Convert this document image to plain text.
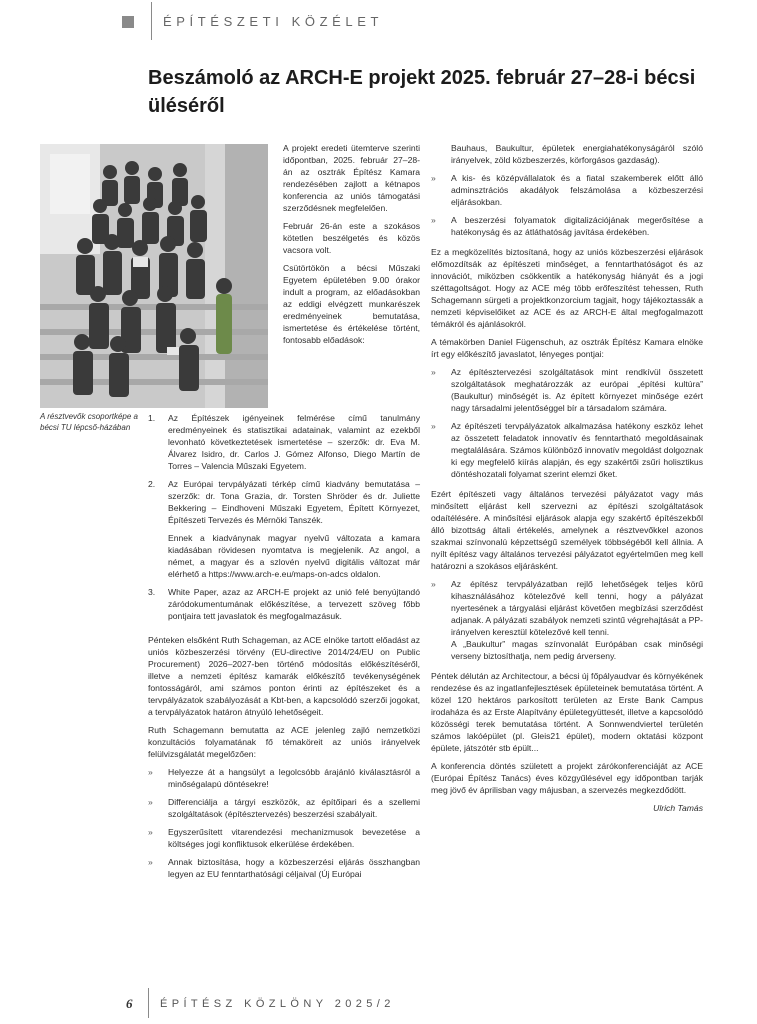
ÉPÍTÉSZETI KÖZÉLET
Beszámoló az ARCH-E projekt 2025. február 27–28-i bécsi üléséről
A résztvevők csoportképe a bécsi TU lépcső-házában

A projekt eredeti ütemterve szerinti időpontban, 2025. február 27–28-án az osztrák Építész Kamara rendezésében zajlott a kétnapos konferencia az uniós támogatási szerződésnek megfelelően.

Február 26-án este a szokásos kötetlen beszélgetés és közös vacsora volt.

Csütörtökön a bécsi Műszaki Egyetem épületében 9.00 órakor indult a program, az előadásokban az eddigi elvégzett munkarészek eredményeinek bemutatása, ismertetése és értékelése történt, fontosabb előadások:

1.	Az Építészek igényeinek felmérése című tanulmány eredményeinek és statisztikai adatainak, valamint az ezekből levonható következtetések ismertetése – szerzők: dr. Eva M. Álvarez Isidro, dr. Carlos J. Gómez Alfonso, Diego Martín de Torres – Valencia Műszaki Egyetem.
2.	Az Európai tervpályázati térkép című kiadvány bemutatása – szerzők: dr. Tona Grazia, dr. Torsten Shröder és dr. Juliette Bekkering – Eindhoveni Műszaki Egyetem, Épített Környezet, Építészeti Tervezés és Mérnöki Tanszék.

Ennek a kiadványnak magyar nyelvű változata a kamara kiadásában rövidesen nyomtatva is megjelenik. Az angol, a német, a magyar és a szlovén nyelvű digitális változat már elérhető a https://www.arch-e.eu/maps-on-adcs oldalon.

3.	White Paper, azaz az ARCH-E projekt az unió felé benyújtandó záródokumentumának előkészítése, a tervezett szöveg főbb pontjaira tett javaslatok és megfogalmazásuk.

Pénteken elsőként Ruth Schageman, az ACE elnöke tartott előadást az uniós közbeszerzési törvény (EU-directive 2014/24/EU on Public Procurement) 2026–2027-ben történő módosítás előkészítéséről, illetve a nemzeti építész kamarák előkészítő tevékenységének fontosságáról, ami számos ponton érinti az építészeket és a tervpályázatok szabályozását a Kbt-ben, a kapcsolódó szerzői jogokat, a tervpályázatok határon átnyúló lehetőségeit.

Ruth Schagemann bemutatta az ACE jelenleg zajló nemzetközi konzultációs folyamatának fő témaköreit az uniós irányelvek felülvizsgálatát megelőzően:

»	Helyezze át a hangsúlyt a legolcsóbb árajánló kiválasztásról a minőségalapú döntésekre!
»	Differenciálja a tárgyi eszközök, az építőipari és a szellemi szolgáltatások (építésztervezés) beszerzési szabályait.
»	Egyszerűsített vitarendezési mechanizmusok bevezetése a költséges jogi konfliktusok elkerülése érdekében.
»	Annak biztosítása, hogy a közbeszerzési eljárás összhangban legyen az EU fenntarthatósági céljaival (Új Európai

Bauhaus, Baukultur, épületek energiahatékonyságáról szóló irányelvek, zöld közbeszerzés, körforgásos gazdaság).

»	A kis- és középvállalatok és a fiatal szakemberek előtt álló adminsztrációs akadályok felszámolása a közbeszerzési eljárásokban.
»	A beszerzési folyamatok digitalizációjának megerősítése a hatékonyság és az átláthatóság javítása érdekében.

Ez a megközelítés biztosítaná, hogy az uniós közbeszerzési eljárások előmozdítsák az építészeti minőséget, a fenntarthatóságot és az innovációt, miközben csökkentik a hatékonyság hiányát és a jogi széttagoltságot. Hogy az ACE még több erőfeszítést tehessen, Ruth Schagemann sürgeti a projektkonzorcium tagjait, hogy tájékoztassák a nemzeti képviselőiket az ACE és az ARCH-E által megfogalmazott témákról és ajánlásokról.

A témakörben Daniel Fügenschuh, az osztrák Építész Kamara elnöke írt egy előkészítő javaslatot, lényeges pontjai:

»	Az építésztervezési szolgáltatások mint rendkívül összetett szolgáltatások meghatározzák az európai „építési kultúra” (Baukultur) minőségét is. Az épített környezet minősége ezért nagy társadalmi jelentőséggel bír a társadalom számára.
»	Az építészeti tervpályázatok alkalmazása hatékony eszköz lehet az összetett feladatok innovatív és fenntartható megoldásainak megtalálására. Számos különböző innovatív megoldást dolgoznak ki egy megfelelő kiírás alapján, és egy szakértői zsűri holisztikus döntéshozatali folyamat szerint elemzi őket.

Ezért építészeti vagy általános tervezési pályázatot vagy más minősített eljárást kell szervezni az építészi szolgáltatások odaítélésére. A minősítési eljárások alapja egy szakértő építészekből álló bizottság általi értékelés, amelynek a résztvevőkkel azonos szakmai színvonalú képzettségű személyek többségéből kell állnia. A nyílt építész vagy általános tervezési pályázatot egyértelműen meg kell határozni a szokásos eljárásként.

»	Az építész tervpályázatban rejlő lehetőségek teljes körű kihasználásához kötelezővé kell tenni, hogy a pályázat nyertesének a tárgyalási eljárást követően megbízási szerződést adjanak. A pályázati szabályok nemzeti szintű végrehajtását a PP-irányelven keresztül kötelezővé kell tenni.

A „Baukultur” magas színvonalát Európában csak minőségi verseny biztosíthatja, nem pedig árverseny.

Péntek délután az Architectour, a bécsi új főpályaudvar és környékének rendezése és az ingatlanfejlesztések épületeinek bemutatása történt. A közel 120 hektáros parkosított területen az Erste Bank Campus irodaháza és az Erste Alapítvány épületegyüttesét, illetve a kapcsolódó közösségi terek bemutatása történt. A Sonnwendviertel területén számos lakóépület (pl. Gleis21 épület), modern oktatási központ épülete, játszótér stb épült...

A konferencia döntés született a projekt zárókonferenciáját az ACE (Európai Építész Tanács) éves közgyűlésével egy időpontban tarják meg jövő év áprilisban vagy májusban, a szervezés megkezdődött.

Ulrich Tamás

6	ÉPÍTÉSZ KÖZLÖNY 2025/2
